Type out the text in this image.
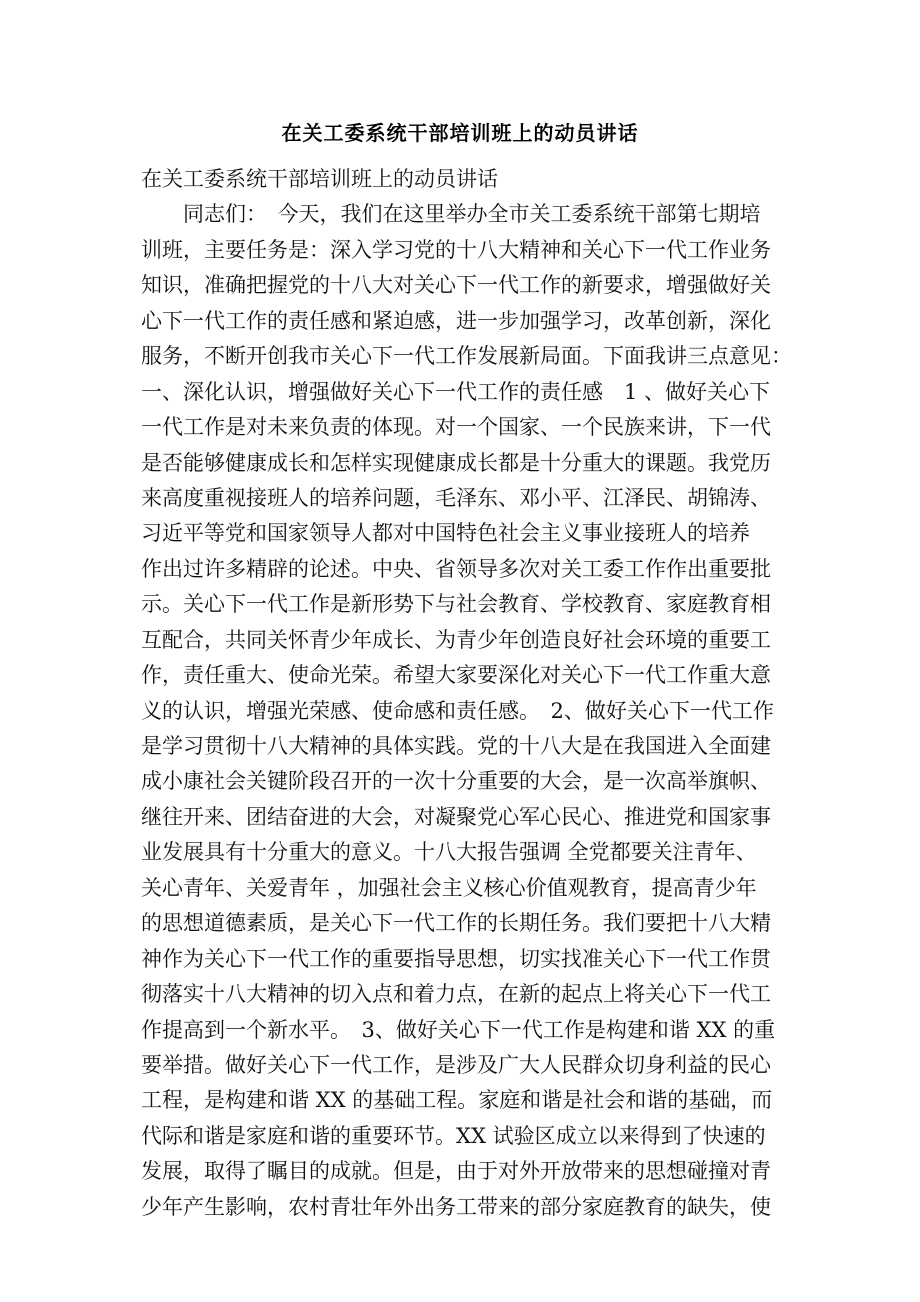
在关工委系统干部培训班上的动员讲话
在关工委系统干部培训班上的动员讲话
　　同志们：　今天，我们在这里举办全市关工委系统干部第七期培
训班，主要任务是：深入学习党的十八大精神和关心下一代工作业务
知识，准确把握党的十八大对关心下一代工作的新要求，增强做好关
心下一代工作的责任感和紧迫感，进一步加强学习，改革创新，深化
服务，不断开创我市关心下一代工作发展新局面。下面我讲三点意见：
一、深化认识，增强做好关心下一代工作的责任感　1 、做好关心下
一代工作是对未来负责的体现。对一个国家、一个民族来讲，下一代
是否能够健康成长和怎样实现健康成长都是十分重大的课题。我党历
来高度重视接班人的培养问题，毛泽东、邓小平、江泽民、胡锦涛、
习近平等党和国家领导人都对中国特色社会主义事业接班人的培养
作出过许多精辟的论述。中央、省领导多次对关工委工作作出重要批
示。关心下一代工作是新形势下与社会教育、学校教育、家庭教育相
互配合，共同关怀青少年成长、为青少年创造良好社会环境的重要工
作，责任重大、使命光荣。希望大家要深化对关心下一代工作重大意
义的认识，增强光荣感、使命感和责任感。　2、做好关心下一代工作
是学习贯彻十八大精神的具体实践。党的十八大是在我国进入全面建
成小康社会关键阶段召开的一次十分重要的大会，是一次高举旗帜、
继往开来、团结奋进的大会，对凝聚党心军心民心、推进党和国家事
业发展具有十分重大的意义。十八大报告强调 全党都要关注青年、
关心青年、关爱青年 ，加强社会主义核心价值观教育，提高青少年
的思想道德素质，是关心下一代工作的长期任务。我们要把十八大精
神作为关心下一代工作的重要指导思想，切实找准关心下一代工作贯
彻落实十八大精神的切入点和着力点，在新的起点上将关心下一代工
作提高到一个新水平。　3、做好关心下一代工作是构建和谐 XX 的重
要举措。做好关心下一代工作，是涉及广大人民群众切身利益的民心
工程，是构建和谐 XX 的基础工程。家庭和谐是社会和谐的基础，而
代际和谐是家庭和谐的重要环节。XX 试验区成立以来得到了快速的
发展，取得了瞩目的成就。但是，由于对外开放带来的思想碰撞对青
少年产生影响，农村青壮年外出务工带来的部分家庭教育的缺失，使
